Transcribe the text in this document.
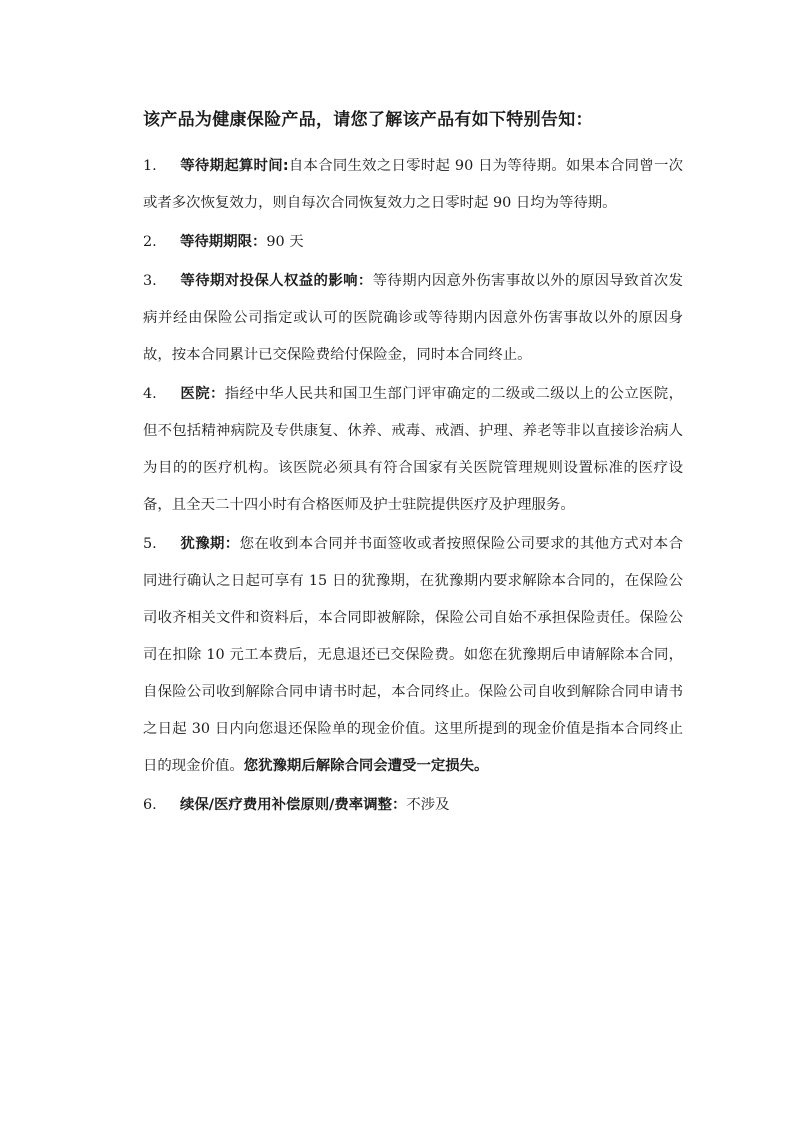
该产品为健康保险产品，请您了解该产品有如下特别告知：
1. 等待期起算时间:自本合同生效之日零时起 90 日为等待期。如果本合同曾一次或者多次恢复效力，则自每次合同恢复效力之日零时起 90 日均为等待期。
2. 等待期期限：90 天
3. 等待期对投保人权益的影响：等待期内因意外伤害事故以外的原因导致首次发病并经由保险公司指定或认可的医院确诊或等待期内因意外伤害事故以外的原因身故，按本合同累计已交保险费给付保险金，同时本合同终止。
4. 医院：指经中华人民共和国卫生部门评审确定的二级或二级以上的公立医院，但不包括精神病院及专供康复、休养、戒毒、戒酒、护理、养老等非以直接诊治病人为目的的医疗机构。该医院必须具有符合国家有关医院管理规则设置标准的医疗设备，且全天二十四小时有合格医师及护士驻院提供医疗及护理服务。
5. 犹豫期：您在收到本合同并书面签收或者按照保险公司要求的其他方式对本合同进行确认之日起可享有 15 日的犹豫期，在犹豫期内要求解除本合同的，在保险公司收齐相关文件和资料后，本合同即被解除，保险公司自始不承担保险责任。保险公司在扣除 10 元工本费后，无息退还已交保险费。如您在犹豫期后申请解除本合同，自保险公司收到解除合同申请书时起，本合同终止。保险公司自收到解除合同申请书之日起 30 日内向您退还保险单的现金价值。这里所提到的现金价值是指本合同终止日的现金价值。您犹豫期后解除合同会遭受一定损失。
6. 续保/医疗费用补偿原则/费率调整：不涉及
